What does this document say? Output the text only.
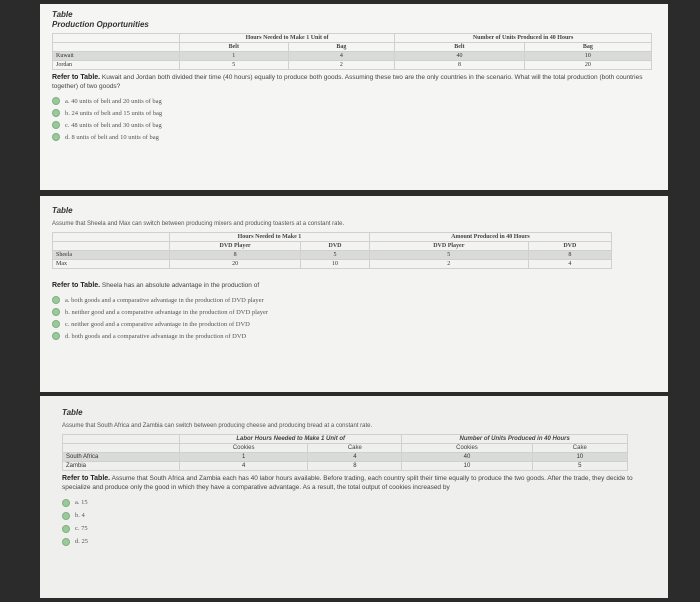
Table
Production Opportunities
	Hours Needed to Make 1 Unit of		Number of Units Produced in 40 Hours	
	Belt	Bag	Belt	Bag
Kuwait	1	4	40	10
Jordan	5	2	8	20
Refer to Table. Kuwait and Jordan both divided their time (40 hours) equally to produce both goods. Assuming these two are the only countries in the scenario. What will the total production (both countries together) of two goods?
a.
40 units of belt and 20 units of bag
b.
24 units of belt and 15 units of bag
c.
48 units of belt and 30 units of bag
d.
8 units of belt and 10 units of bag
Table
Assume that Sheela and Max can switch between producing mixers and producing toasters at a constant rate.
	Hours Needed to Make 1		Amount Produced in 40 Hours	
	DVD Player	DVD	DVD Player	DVD
Sheela	8	5	5	8
Max	20	10	2	4
Refer to Table. Sheela has an absolute advantage in the production of
a.
both goods and a comparative advantage in the production of DVD player
b.
neither good and a comparative advantage in the production of DVD player
c.
neither good and a comparative advantage in the production of DVD
d.
both goods and a comparative advantage in the production of DVD
Table
Assume that South Africa and Zambia can switch between producing cheese and producing bread at a constant rate.
	Labor Hours Needed to Make 1 Unit of		Number of Units Produced in 40 Hours	
	Cookies	Cake	Cookies	Cake
South Africa	1	4	40	10
Zambia	4	8	10	5
Refer to Table. Assume that South Africa and Zambia each has 40 labor hours available. Before trading, each country split their time equally to produce the two goods. After the trade, they decide to specialize and produce only the good in which they have a comparative advantage. As a result, the total output of cookies increased by
a.
15
b.
4
c.
75
d.
25
